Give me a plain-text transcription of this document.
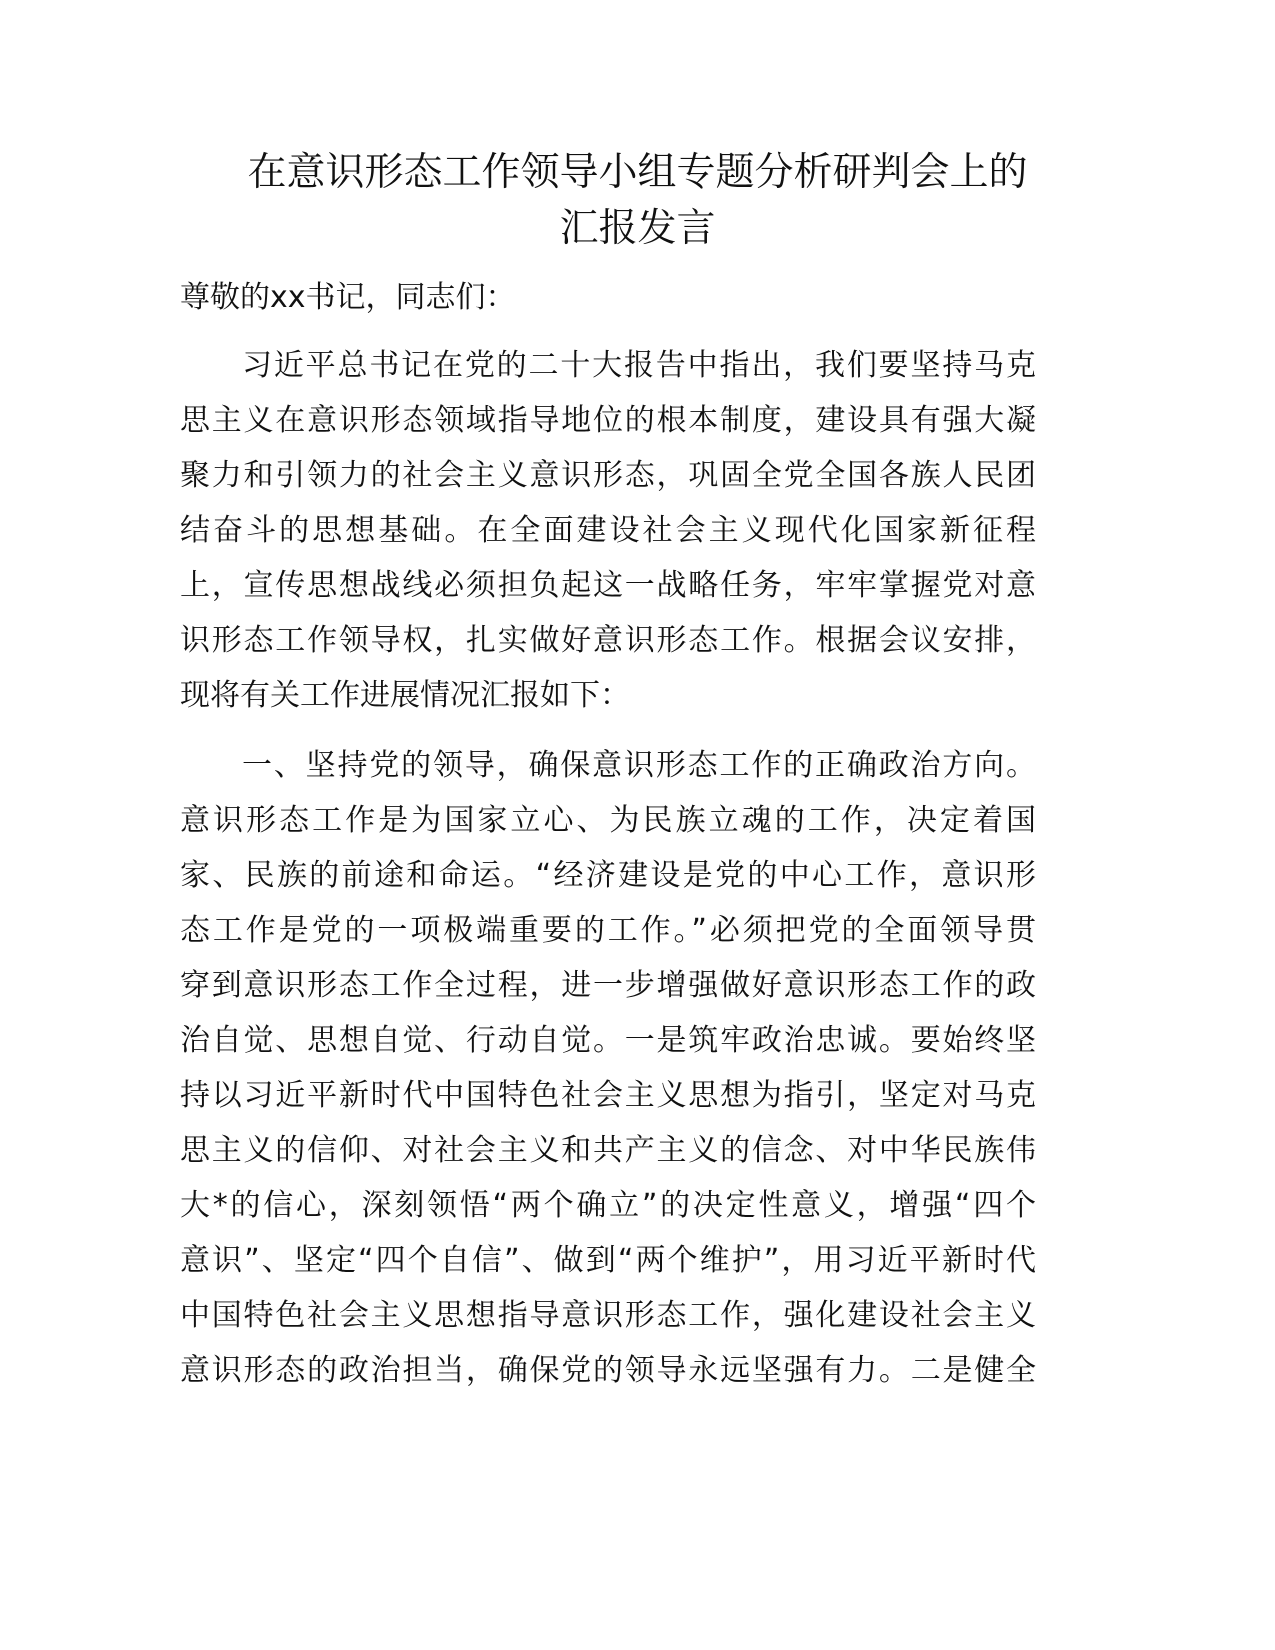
在意识形态工作领导小组专题分析研判会上的
汇报发言
尊敬的xx书记，同志们：
习近平总书记在党的二十大报告中指出，我们要坚持马克
思主义在意识形态领域指导地位的根本制度，建设具有强大凝
聚力和引领力的社会主义意识形态，巩固全党全国各族人民团
结奋斗的思想基础。在全面建设社会主义现代化国家新征程
上，宣传思想战线必须担负起这一战略任务，牢牢掌握党对意
识形态工作领导权，扎实做好意识形态工作。根据会议安排，
现将有关工作进展情况汇报如下：
一、坚持党的领导，确保意识形态工作的正确政治方向。
意识形态工作是为国家立心、为民族立魂的工作，决定着国
家、民族的前途和命运。“经济建设是党的中心工作，意识形
态工作是党的一项极端重要的工作。”必须把党的全面领导贯
穿到意识形态工作全过程，进一步增强做好意识形态工作的政
治自觉、思想自觉、行动自觉。一是筑牢政治忠诚。要始终坚
持以习近平新时代中国特色社会主义思想为指引，坚定对马克
思主义的信仰、对社会主义和共产主义的信念、对中华民族伟
大*的信心，深刻领悟“两个确立”的决定性意义，增强“四个
意识”、坚定“四个自信”、做到“两个维护”，用习近平新时代
中国特色社会主义思想指导意识形态工作，强化建设社会主义
意识形态的政治担当，确保党的领导永远坚强有力。二是健全
